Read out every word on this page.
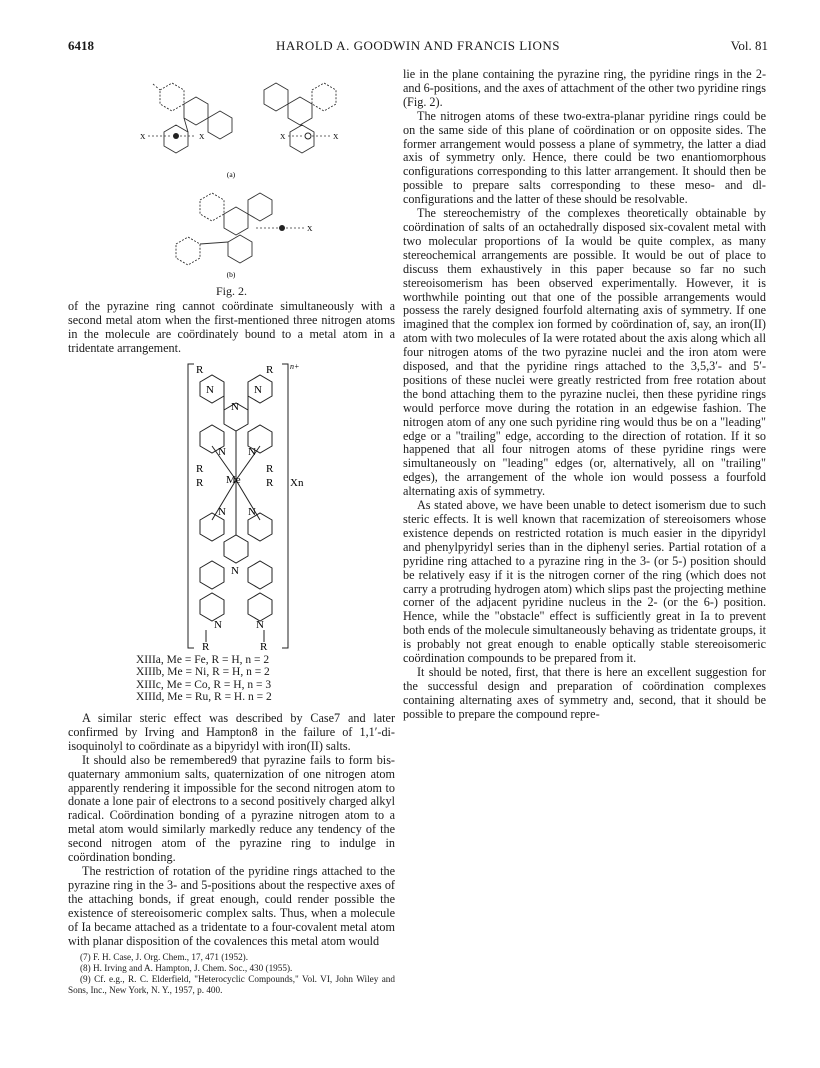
6418	HAROLD A. GOODWIN AND FRANCIS LIONS	Vol. 81
X	X	X	X
X
(a)
(b)
Fig. 2.

of the pyrazine ring cannot coördinate simultaneously with a second metal atom when the first-mentioned three nitrogen atoms in the molecule are coördinately bound to a metal atom in a tridentate arrangement.

R	R n+
N	N
N
N N
R	R
R Me R Xn
N N
N
N	N
R	R
XIIIa, Me = Fe, R = H, n = 2
XIIIb, Me = Ni, R = H, n = 2
XIIIc, Me = Co, R = H, n = 3
XIIId, Me = Ru, R = H. n = 2

A similar steric effect was described by Case7 and later confirmed by Irving and Hampton8 in the failure of 1,1′-di-isoquinolyl to coördinate as a bipyridyl with iron(II) salts.

It should also be remembered9 that pyrazine fails to form bis-quaternary ammonium salts, quaternization of one nitrogen atom apparently rendering it impossible for the second nitrogen atom to donate a lone pair of electrons to a second positively charged alkyl radical. Coördination bonding of a pyrazine nitrogen atom to a metal atom would similarly markedly reduce any tendency of the second nitrogen atom of the pyrazine ring to indulge in coördination bonding.

The restriction of rotation of the pyridine rings attached to the pyrazine ring in the 3- and 5-positions about the respective axes of the attaching bonds, if great enough, could render possible the existence of stereoisomeric complex salts. Thus, when a molecule of Ia became attached as a tridentate to a four-covalent metal atom with planar disposition of the covalences this metal atom would

(7) F. H. Case, J. Org. Chem., 17, 471 (1952).

(8) H. Irving and A. Hampton, J. Chem. Soc., 430 (1955).

(9) Cf. e.g., R. C. Elderfield, "Heterocyclic Compounds," Vol. VI, John Wiley and Sons, Inc., New York, N. Y., 1957, p. 400.

lie in the plane containing the pyrazine ring, the pyridine rings in the 2- and 6-positions, and the axes of attachment of the other two pyridine rings (Fig. 2).

The nitrogen atoms of these two-extra-planar pyridine rings could be on the same side of this plane of coördination or on opposite sides. The former arrangement would possess a plane of symmetry, the latter a diad axis of symmetry only. Hence, there could be two enantiomorphous configurations corresponding to this latter arrangement. It should then be possible to prepare salts corresponding to these meso- and dl- configurations and the latter of these should be resolvable.

The stereochemistry of the complexes theoretically obtainable by coördination of salts of an octahedrally disposed six-covalent metal with two molecular proportions of Ia would be quite complex, as many stereochemical arrangements are possible. It would be out of place to discuss them exhaustively in this paper because so far no such stereoisomerism has been observed experimentally. However, it is worthwhile pointing out that one of the possible arrangements would possess the rarely designed fourfold alternating axis of symmetry. If one imagined that the complex ion formed by coördination of, say, an iron(II) atom with two molecules of Ia were rotated about the axis along which all four nitrogen atoms of the two pyrazine nuclei and the iron atom were disposed, and that the pyridine rings attached to the 3,5,3′- and 5′-positions of these nuclei were greatly restricted from free rotation about the bond attaching them to the pyrazine nuclei, then these pyridine rings would perforce move during the rotation in an edgewise fashion. The nitrogen atom of any one such pyridine ring would thus be on a "leading" edge or a "trailing" edge, according to the direction of rotation. If it so happened that all four nitrogen atoms of these pyridine rings were simultaneously on "leading" edges (or, alternatively, all on "trailing" edges), the arrangement of the whole ion would possess a fourfold alternating axis of symmetry.

As stated above, we have been unable to detect isomerism due to such steric effects. It is well known that racemization of stereoisomers whose existence depends on restricted rotation is much easier in the dipyridyl and phenylpyridyl series than in the diphenyl series. Partial rotation of a pyridine ring attached to a pyrazine ring in the 3- (or 5-) position should be relatively easy if it is the nitrogen corner of the ring (which does not carry a protruding hydrogen atom) which slips past the projecting methine corner of the adjacent pyridine nucleus in the 2- (or the 6-) position. Hence, while the "obstacle" effect is sufficiently great in Ia to prevent both ends of the molecule simultaneously behaving as tridentate groups, it is probably not great enough to enable optically stable stereoisomeric coördination compounds to be prepared from it.

It should be noted, first, that there is here an excellent suggestion for the successful design and preparation of coördination complexes containing alternating axes of symmetry and, second, that it should be possible to prepare the compound repre-
